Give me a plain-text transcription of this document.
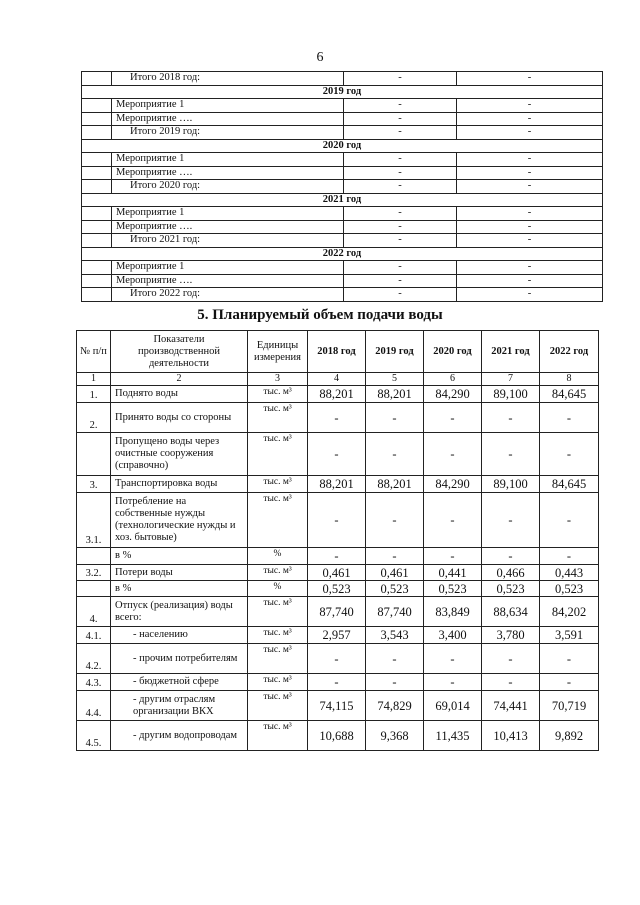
6
	Итого 2018 год:	-	-
2019 год			
	Мероприятие 1	-	-
	Мероприятие ….	-	-
	Итого 2019 год:	-	-
2020 год			
	Мероприятие 1	-	-
	Мероприятие ….	-	-
	Итого 2020 год:	-	-
2021 год			
	Мероприятие 1	-	-
	Мероприятие ….	-	-
	Итого 2021 год:	-	-
2022 год			
	Мероприятие 1	-	-
	Мероприятие ….	-	-
	Итого 2022 год:	-	-
5. Планируемый объем подачи воды
№ п/п	Показатели производственной деятельности	Единицы измерения	2018 год	2019 год	2020 год	2021 год	2022 год
1	2	3	4	5	6	7	8
1.	Поднято воды	тыс. м³	88,201	88,201	84,290	89,100	84,645
2.	Принято воды со стороны	тыс. м³	-	-	-	-	-
	Пропущено воды через очистные сооружения (справочно)	тыс. м³	-	-	-	-	-
3.	Транспортировка воды	тыс. м³	88,201	88,201	84,290	89,100	84,645
3.1.	Потребление на собственные нужды (технологические нужды и хоз. бытовые)	тыс. м³	-	-	-	-	-
	в %	%	-	-	-	-	-
3.2.	Потери воды	тыс. м³	0,461	0,461	0,441	0,466	0,443
	в %	%	0,523	0,523	0,523	0,523	0,523
4.	Отпуск (реализация) воды всего:	тыс. м³	87,740	87,740	83,849	88,634	84,202
4.1.	- населению	тыс. м³	2,957	3,543	3,400	3,780	3,591
4.2.	- прочим потребителям	тыс. м³	-	-	-	-	-
4.3.	- бюджетной сфере	тыс. м³	-	-	-	-	-
4.4.	- другим отраслям организации ВКХ	тыс. м³	74,115	74,829	69,014	74,441	70,719
4.5.	- другим водопроводам	тыс. м³	10,688	9,368	11,435	10,413	9,892
